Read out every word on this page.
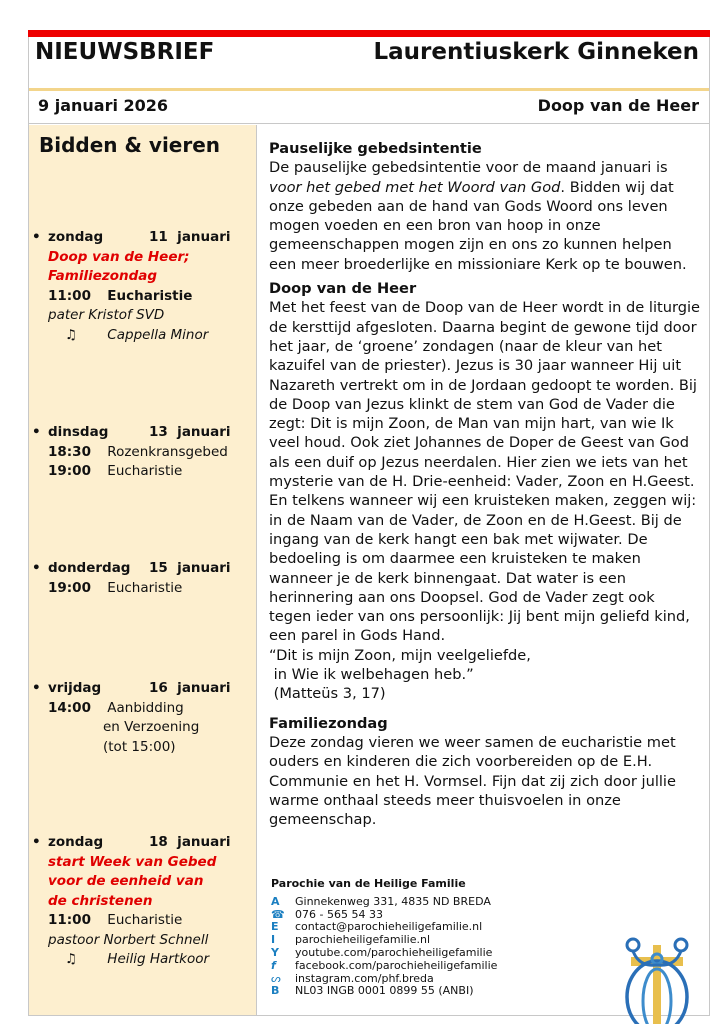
NIEUWSBRIEF	Laurentiuskerk Ginneken
9 januari 2026	Doop van de Heer
Bidden & vieren
• zondag	11  januari
Doop van de Heer;
Familiezondag
11:00 Eucharistie
pater Kristof SVD
♫ Cappella Minor
• dinsdag	13  januari
18:30 Rozenkransgebed
19:00 Eucharistie
• donderdag 15  januari
19:00 Eucharistie
• vrijdag	16  januari
14:00 Aanbidding
en Verzoening
(tot 15:00)
• zondag	18  januari
start Week van Gebed
voor de eenheid van
de christenen
11:00 Eucharistie
pastoor Norbert Schnell
♫ Heilig Hartkoor
Pauselijke gebedsintentie

De pauselijke gebedsintentie voor de maand januari is voor het gebed met het Woord van God. Bidden wij dat onze gebeden aan de hand van Gods Woord ons leven mogen voeden en een bron van hoop in onze gemeenschappen mogen zijn en ons zo kunnen helpen een meer broederlijke en missioniare Kerk op te bouwen.

Doop van de Heer

Met het feest van de Doop van de Heer wordt in de liturgie de kersttijd afgesloten. Daarna begint de gewone tijd door het jaar, de ‘groene’ zondagen (naar de kleur van het kazuifel van de priester). Jezus is 30 jaar wanneer Hij uit Nazareth vertrekt om in de Jordaan gedoopt te worden. Bij de Doop van Jezus klinkt de stem van God de Vader die zegt: Dit is mijn Zoon, de Man van mijn hart, van wie Ik veel houd. Ook ziet Johannes de Doper de Geest van God als een duif op Jezus neerdalen. Hier zien we iets van het mysterie van de H. Drie-eenheid: Vader, Zoon en H.Geest. En telkens wanneer wij een kruisteken maken, zeggen wij: in de Naam van de Vader, de Zoon en de H.Geest. Bij de ingang van de kerk hangt een bak met wijwater. De bedoeling is om daarmee een kruisteken te maken wanneer je de kerk binnengaat. Dat water is een herinnering aan ons Doopsel. God de Vader zegt ook tegen ieder van ons persoonlijk: Jij bent mijn geliefd kind, een parel in Gods Hand.

“Dit is mijn Zoon, mijn veelgeliefde,
in Wie ik welbehagen heb.”
(Matteüs 3, 17)
Familiezondag

Deze zondag vieren we weer samen de eucharistie met ouders en kinderen die zich voorbereiden op de E.H. Communie en het H. Vormsel. Fijn dat zij zich door jullie warme onthaal steeds meer thuisvoelen in onze gemeenschap.

Parochie van de Heilige Familie
A	Ginnekenweg 331, 4835 ND BREDA
☎ 076 - 565 54 33
E	contact@parochieheiligefamilie.nl
I	parochieheiligefamilie.nl
Y	youtube.com/parochieheiligefamilie
f	facebook.com/parochieheiligefamilie
ᔕ	instagram.com/phf.breda
B	NL03 INGB 0001 0899 55 (ANBI)
